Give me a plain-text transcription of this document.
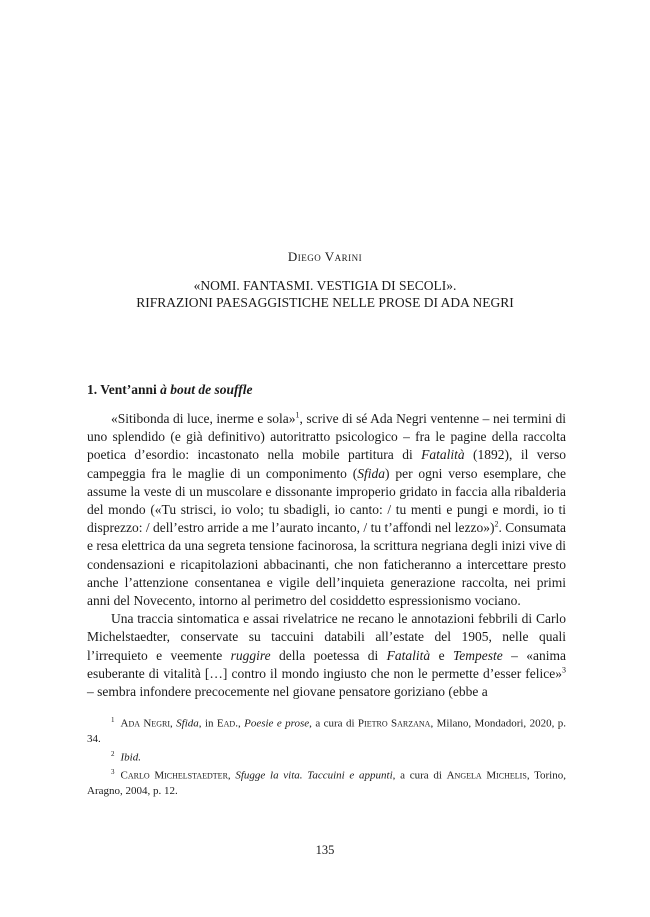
Diego Varini
«NOMI. FANTASMI. VESTIGIA DI SECOLI».
RIFRAZIONI PAESAGGISTICHE NELLE PROSE DI ADA NEGRI
1. Vent’anni à bout de souffle

«Sitibonda di luce, inerme e sola»$^1$, scrive di sé Ada Negri ventenne – nei termini di uno splendido (e già definitivo) autoritratto psicologico – fra le pagine della raccolta poetica d’esordio: incastonato nella mobile partitura di Fatalità (1892), il verso campeggia fra le maglie di un componimento (Sfida) per ogni verso esemplare, che assume la veste di un muscolare e dissonante improperio gridato in faccia alla ribalderia del mondo («Tu strisci, io volo; tu sbadigli, io canto: / tu menti e pungi e mordi, io ti disprezzo: / dell’estro arride a me l’aurato incanto, / tu t’affondi nel lezzo»)$^2$. Consumata e resa elettrica da una segreta tensione facinorosa, la scrittura negriana degli inizi vive di condensazioni e ricapitolazioni abbacinanti, che non faticheranno a intercettare presto anche l’attenzione consentanea e vigile dell’inquieta generazione raccolta, nei primi anni del Novecento, intorno al perimetro del cosiddetto espressionismo vociano.

Una traccia sintomatica e assai rivelatrice ne recano le annotazioni febbrili di Carlo Michelstaedter, conservate su taccuini databili all’estate del 1905, nelle quali l’irrequieto e veemente ruggire della poetessa di Fatalità e Tempeste – «anima esuberante di vitalità […] contro il mondo ingiusto che non le permette d’esser felice»$^3$ – sembra infondere precocemente nel giovane pensatore goriziano (ebbe a

$^1$ Ada Negri, Sfida, in Ead., Poesie e prose, a cura di Pietro Sarzana, Milano, Mondadori, 2020, p. 34.

$^2$ Ibid.

$^3$ Carlo Michelstaedter, Sfugge la vita. Taccuini e appunti, a cura di Angela Michelis, Torino, Aragno, 2004, p. 12.

135
